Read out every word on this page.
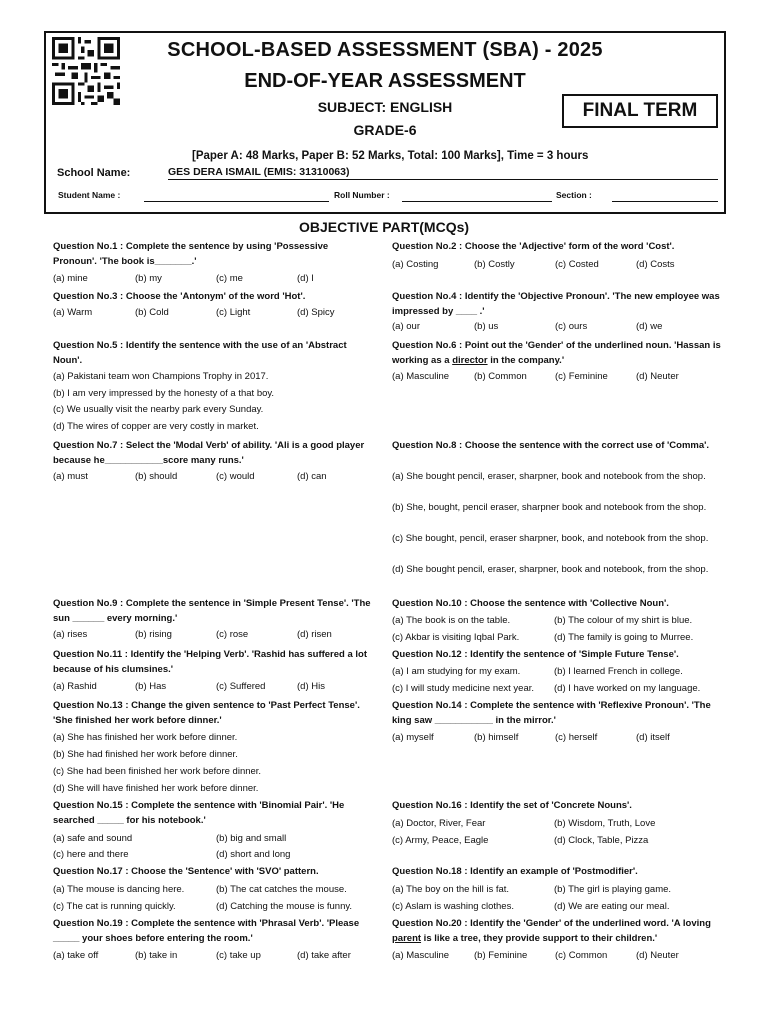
SCHOOL-BASED ASSESSMENT (SBA) - 2025
END-OF-YEAR ASSESSMENT
SUBJECT: ENGLISH
GRADE-6
FINAL TERM
[Paper A: 48 Marks, Paper B: 52 Marks, Total: 100 Marks], Time = 3 hours
School Name:	GES DERA ISMAIL (EMIS: 31310063)
Student Name :	Roll Number :	Section :
OBJECTIVE PART(MCQs)
Question No.1 : Complete the sentence by using 'Possessive Pronoun'. 'The book is_______.'
(a) mine	(b) my	(c) me	(d) I
Question No.2 : Choose the 'Adjective' form of the word 'Cost'.
(a) Costing	(b) Costly	(c) Costed	(d) Costs
Question No.3 : Choose the 'Antonym' of the word 'Hot'.
(a) Warm	(b) Cold	(c) Light	(d) Spicy
Question No.4 : Identify the 'Objective Pronoun'. 'The new employee was impressed by ____ .'
(a) our	(b) us	(c) ours	(d) we
Question No.5 : Identify the sentence with the use of an 'Abstract Noun'.
(a) Pakistani team won Champions Trophy in 2017.
(b) I am very impressed by the honesty of a that boy.
(c) We usually visit the nearby park every Sunday.
(d) The wires of copper are very costly in market.
Question No.6 : Point out the 'Gender' of the underlined noun. 'Hassan is working as a director in the company.'
(a) Masculine	(b) Common	(c) Feminine	(d) Neuter
Question No.7 : Select the 'Modal Verb' of ability. 'Ali is a good player because he___________score many runs.'
(a) must	(b) should	(c) would	(d) can
Question No.8 : Choose the sentence with the correct use of 'Comma'.
(a) She bought pencil, eraser, sharpner, book and notebook from the shop.
(b) She, bought, pencil eraser, sharpner book and notebook from the shop.
(c) She bought, pencil, eraser sharpner, book, and notebook from the shop.
(d) She bought pencil, eraser, sharpner, book and notebook, from the shop.
Question No.9 : Complete the sentence in 'Simple Present Tense'. 'The sun ______ every morning.'
(a) rises	(b) rising	(c) rose	(d) risen
Question No.10 : Choose the sentence with 'Collective Noun'.
(a) The book is on the table.	(b) The colour of my shirt is blue.
(c) Akbar is visiting Iqbal Park.	(d) The family is going to Murree.
Question No.11 : Identify the 'Helping Verb'. 'Rashid has suffered a lot because of his clumsines.'
(a) Rashid	(b) Has	(c) Suffered	(d) His
Question No.12 : Identify the sentence of 'Simple Future Tense'.
(a) I am studying for my exam.	(b) I learned French in college.
(c) I will study medicine next year. (d) I have worked on my language.
Question No.13 : Change the given sentence to 'Past Perfect Tense'. 'She finished her work before dinner.'
(a) She has finished her work before dinner.
(b) She had finished her work before dinner.
(c) She had been finished her work before dinner.
(d) She will have finished her work before dinner.
Question No.14 : Complete the sentence with 'Reflexive Pronoun'. 'The king saw ___________ in the mirror.'
(a) myself	(b) himself	(c) herself	(d) itself
Question No.15 : Complete the sentence with 'Binomial Pair'. 'He searched _____ for his notebook.'
(a) safe and sound	(b) big and small
(c) here and there	(d) short and long
Question No.16 : Identify the set of 'Concrete Nouns'.
(a) Doctor, River, Fear	(b) Wisdom, Truth, Love
(c) Army, Peace, Eagle	(d) Clock, Table, Pizza
Question No.17 : Choose the 'Sentence' with 'SVO' pattern.
(a) The mouse is dancing here.	(b) The cat catches the mouse.
(c) The cat is running quickly.	(d) Catching the mouse is funny.
Question No.18 : Identify an example of 'Postmodifier'.
(a) The boy on the hill is fat.	(b) The girl is playing game.
(c) Aslam is washing clothes.	(d) We are eating our meal.
Question No.19 : Complete the sentence with 'Phrasal Verb'. 'Please _____ your shoes before entering the room.'
(a) take off	(b) take in	(c) take up	(d) take after
Question No.20 : Identify the 'Gender' of the underlined word. 'A loving parent is like a tree, they provide support to their children.'
(a) Masculine	(b) Feminine	(c) Common	(d) Neuter
